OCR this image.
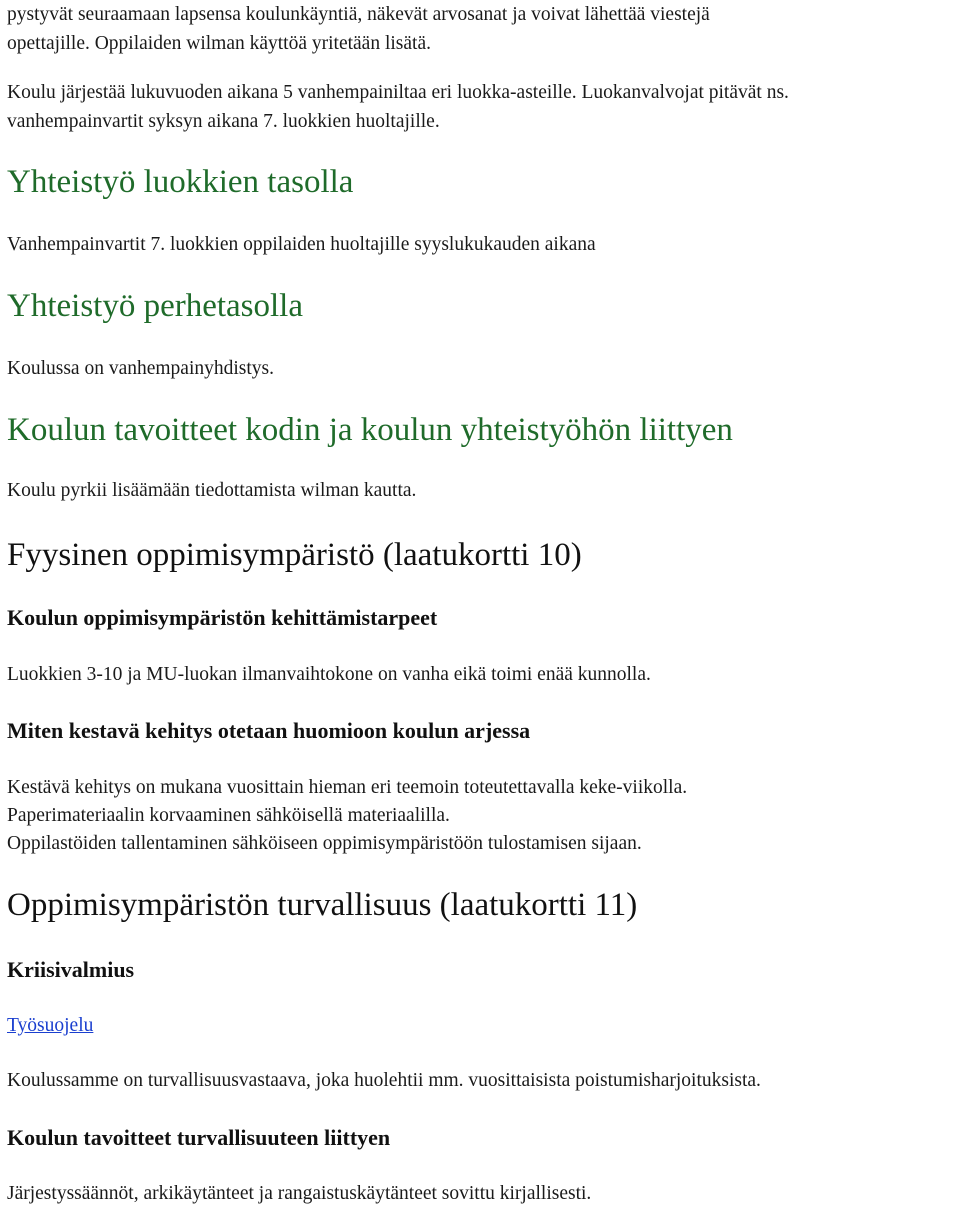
pystyvät seuraamaan lapsensa koulunkäyntiä, näkevät arvosanat ja voivat lähettää viestejä

opettajille. Oppilaiden wilman käyttöä yritetään lisätä.

Koulu järjestää lukuvuoden aikana 5 vanhempainiltaa eri luokka-asteille. Luokanvalvojat pitävät ns.

vanhempainvartit syksyn aikana 7. luokkien huoltajille.

Yhteistyö luokkien tasolla

Vanhempainvartit 7. luokkien oppilaiden huoltajille syyslukukauden aikana

Yhteistyö perhetasolla

Koulussa on vanhempainyhdistys.

Koulun tavoitteet kodin ja koulun yhteistyöhön liittyen

Koulu pyrkii lisäämään tiedottamista wilman kautta.

Fyysinen oppimisympäristö (laatukortti 10)
Koulun oppimisympäristön kehittämistarpeet

Luokkien 3-10 ja MU-luokan ilmanvaihtokone on vanha eikä toimi enää kunnolla.

Miten kestavä kehitys otetaan huomioon koulun arjessa

Kestävä kehitys on mukana vuosittain hieman eri teemoin toteutettavalla keke-viikolla.

Paperimateriaalin korvaaminen sähköisellä materiaalilla.

Oppilastöiden tallentaminen sähköiseen oppimisympäristöön tulostamisen sijaan.

Oppimisympäristön turvallisuus (laatukortti 11)
Kriisivalmius
Työsuojelu

Koulussamme on turvallisuusvastaava, joka huolehtii mm. vuosittaisista poistumisharjoituksista.

Koulun tavoitteet turvallisuuteen liittyen

Järjestyssäännöt, arkikäytänteet ja rangaistuskäytänteet sovittu kirjallisesti.
